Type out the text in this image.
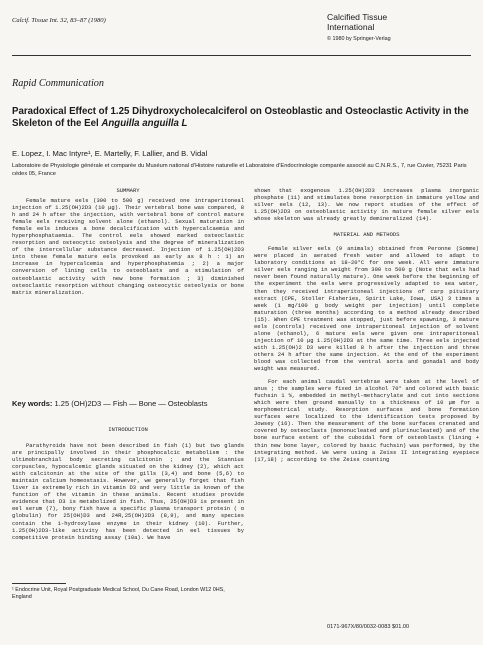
Calcif. Tissue Int. 32, 83–87 (1980)	Calcified Tissue
International
© 1980 by Springer-Verlag
Rapid Communication
Paradoxical Effect of 1.25 Dihydroxycholecalciferol on Osteoblastic and Osteoclastic Activity in the Skeleton of the Eel Anguilla anguilla L
E. Lopez, I. Mac Intyre¹, E. Martelly, F. Lallier, and B. Vidal
Laboratoire de Physiologie générale et comparée du Muséum national d’Histoire naturelle et Laboratoire d’Endocrinologie comparée associé au C.N.R.S., 7, rue Cuvier, 75231 Paris cédex 05, France
SUMMARY

Female mature eels (300 to 500 g) received one intraperitoneal injection of 1.25(OH)2D3 (10 μg). Their vertebral bone was compared, 8 h and 24 h after the injection, with vertebral bone of control mature female eels receiving solvent alone (ethanol). Sexual maturation in female eels induces a bone decalcification with hypercalcaemia and hyperphosphataemia. The control eels showed marked osteoclastic resorption and osteocytic osteolysis and the degree of mineralization of the intercellular substance decreased. Injection of 1.25(OH)2D3 into these female mature eels provoked as early as 8 h : 1) an increase in hypercalcemia and hyperphosphatemia ; 2) a major conversion of lining cells to osteoblasts and a stimulation of osteoblastic activity with new bone formation ; 3) diminished osteoclastic resorption without changing osteocytic osteolysis or bone matrix mineralization.

Key words: 1.25 (OH)2D3 — Fish — Bone — Osteoblasts
INTRODUCTION

Parathyroids have not been described in fish (1) but two glands are principally involved in their phosphocalcic metabolism : the ultimobranchial body secreting calcitonin ; and the Stannius corpuscles, hypocalcemic glands situated on the kidney (2), which act with calcitonin at the site of the gills (3,4) and bone (5,6) to maintain calcium homeostasis. However, we generally forget that fish liver is extremely rich in vitamin D3 and very little is known of the function of the vitamin in these animals. Recent studies provide evidence that D3 is metabolized in fish. Thus, 25(OH)D3 is present in eel serum (7), bony fish have a specific plasma transport protein ( α globulin) for 25(OH)D3 and 24R,25(OH)2D3 (8,9), and many species contain the 1-hydroxylase enzyme in their kidney (10). Further, 1.25(OH)2D3-like activity has been detected in eel tissues by competitive protein binding assay (10a). We have

¹ Endocrine Unit, Royal Postgraduate Medical School, Du Cane Road, London W12 0HS, England

shown that exogenous 1.25(OH)2D3 increases plasma inorganic phosphate (11) and stimulates bone resorption in immature yellow and silver eels (12, 13). We now report studies of the effect of 1.25(OH)2D3 on osteoblastic activity in mature female silver eels whose skeleton was already greatly demineralized (14).

MATERIAL AND METHODS

Female silver eels (9 animals) obtained from Peronne (Somme) were placed in aerated fresh water and allowed to adapt to laboratory conditions at 18–20°C for one week. All were immature silver eels ranging in weight from 300 to 500 g (Note that eels had never been found naturally mature). One week before the beginning of the experiment the eels were progressively adapted to sea water, then they received intraperitoneal injections of carp pituitary extract (CPE, Stoller Fisheries, Spirit Lake, Iowa, USA) 3 times a week (1 mg/100 g body weight per injection) until complete maturation (three months) according to a method already described (15). When CPE treatment was stopped, just before spawning, 3 mature eels (controls) received one intraperitoneal injection of solvent alone (ethanol), 6 mature eels were given one intraperitoneal injection of 10 μg 1.25(OH)2D3 at the same time. Three eels injected with 1.25(OH)2 D3 were killed 8 h after the injection and three others 24 h after the same injection. At the end of the experiment blood was collected from the ventral aorta and gonadal and body weight was measured.

For each animal caudal vertebrae were taken at the level of anus ; the samples were fixed in alcohol 70° and colored with basic fuchsin 1 %, embedded in methyl-methacrylate and cut into sections which were then ground manually to a thickness of 10 μm for a morphometrical study. Resorption surfaces and bone formation surfaces were localized to the identification tests proposed by Jowsey (16). Then the measurement of the bone surfaces crenated and covered by osteoclasts (mononucleated and plurinucleated) and of the bone surface extent of the cuboidal form of osteoblasts (lining + thin new bone layer, colored by basic fuchsin) was performed, by the integrating method. We were using a Zeiss II integrating eyepiece (17,18) ; according to the Zeiss counting

0171-967X/80/0032-0083 $01.00
